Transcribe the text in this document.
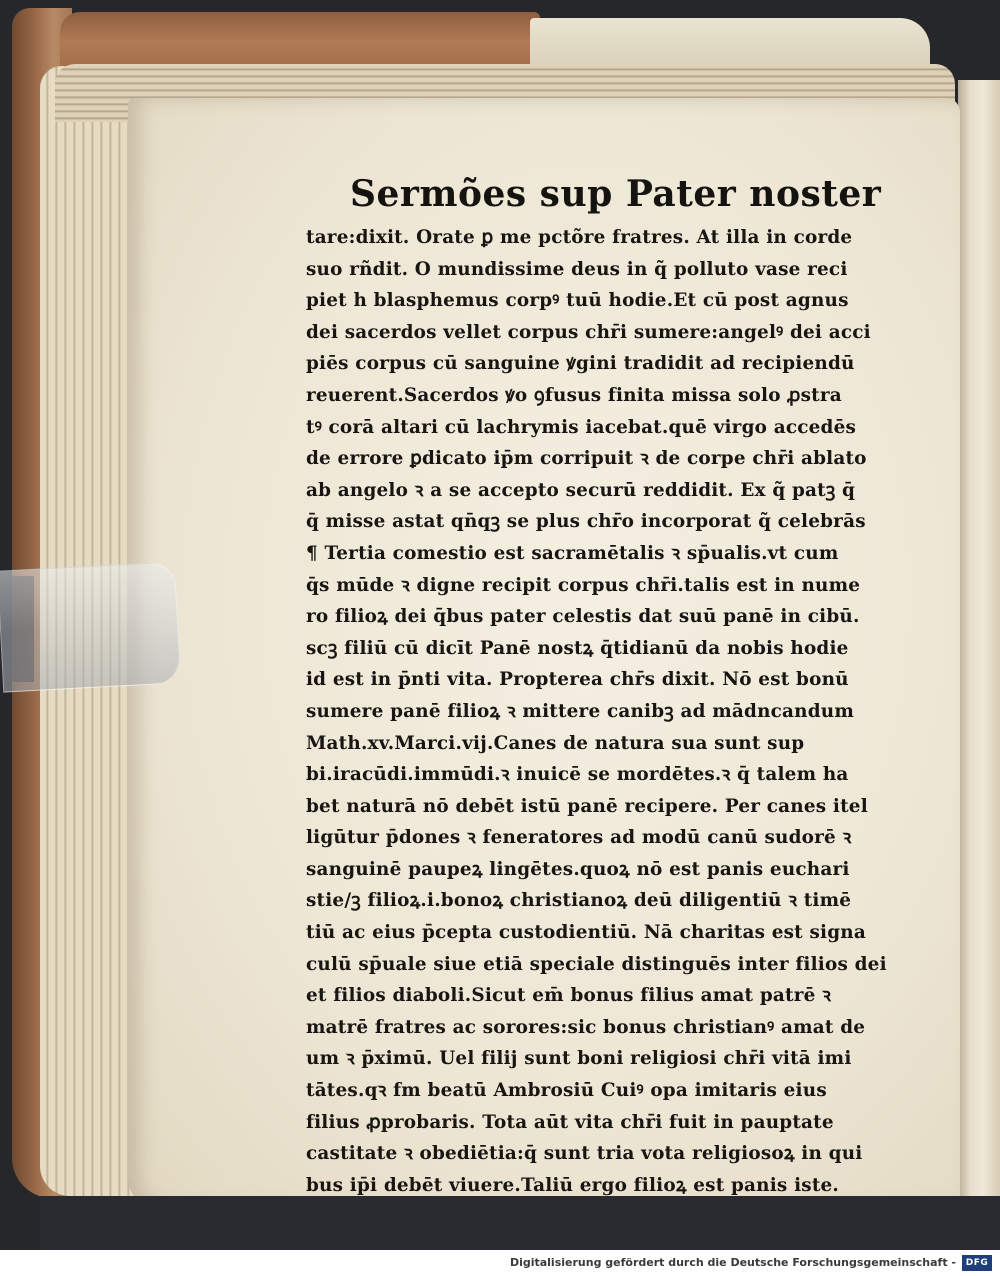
Sermões sup Pater noster
tare:dixit. Orate ꝑ me pctõre fratres. At illa in corde
suo rñdit. O mundissime deus in q̃ polluto vase reci
piet h blasphemus corpꝰ tuū hodie.Et cū post agnus
dei sacerdos vellet corpus chr̄i sumere:angelꝰ dei acci
piēs corpus cū sanguine ꝟgini tradidit ad recipiendū
reuerent.Sacerdos ꝟo ꝯfusus finita missa solo ꝓstra
tꝰ corā altari cū lachrymis iacebat.quē virgo accedēs
de errore ꝑdicato ip̄m corripuit ꝛ de corpe chr̄i ablato
ab angelo ꝛ a se accepto securū reddidit. Ex q̃ patꝫ q̄
q̄ misse astat qn̄qꝫ se plus chr̄o incorporat q̃ celebrās
¶ Tertia comestio est sacramētalis ꝛ sp̄ualis.vt cum
q̄s mūde ꝛ digne recipit corpus chr̄i.talis est in nume
ro filioꝝ dei q̄bus pater celestis dat suū panē in cibū.
scꝫ filiū cū dicīt Panē nostꝝ q̄tidianū da nobis hodie
id est in p̄nti vita. Propterea chr̄s dixit. Nō est bonū
sumere panē filioꝝ ꝛ mittere canibꝫ ad mādncandum
Math.xv.Marci.vij.Canes de natura sua sunt sup
bi.iracūdi.immūdi.ꝛ inuicē se mordētes.ꝛ q̄ talem ha
bet naturā nō debēt istū panē recipere. Per canes itel
ligūtur p̄dones ꝛ feneratores ad modū canū sudorē ꝛ
sanguinē paupeꝝ lingētes.quoꝝ nō est panis euchari
stie/ꝫ filioꝝ.i.bonoꝝ christianoꝝ deū diligentiū ꝛ timē
tiū ac eius p̄cepta custodientiū. Nā charitas est signa
culū sp̄uale siue etiā speciale distinguēs inter filios dei
et filios diaboli.Sicut em̄ bonus filius amat patrē ꝛ
matrē fratres ac sorores:sic bonus christianꝰ amat de
um ꝛ p̄ximū. Uel filij sunt boni religiosi chr̄i vitā imi
tātes.qꝛ fm beatū Ambrosiū Cuiꝰ opa imitaris eius
filius ꝓprobaris. Tota aūt vita chr̄i fuit in pauptate
castitate ꝛ obediētia:q̄ sunt tria vota religiosoꝝ in qui
bus ip̄i debēt viuere.Taliū ergo filioꝝ est panis iste.
Digitalisierung gefördert durch die Deutsche Forschungsgemeinschaft -	DFG
